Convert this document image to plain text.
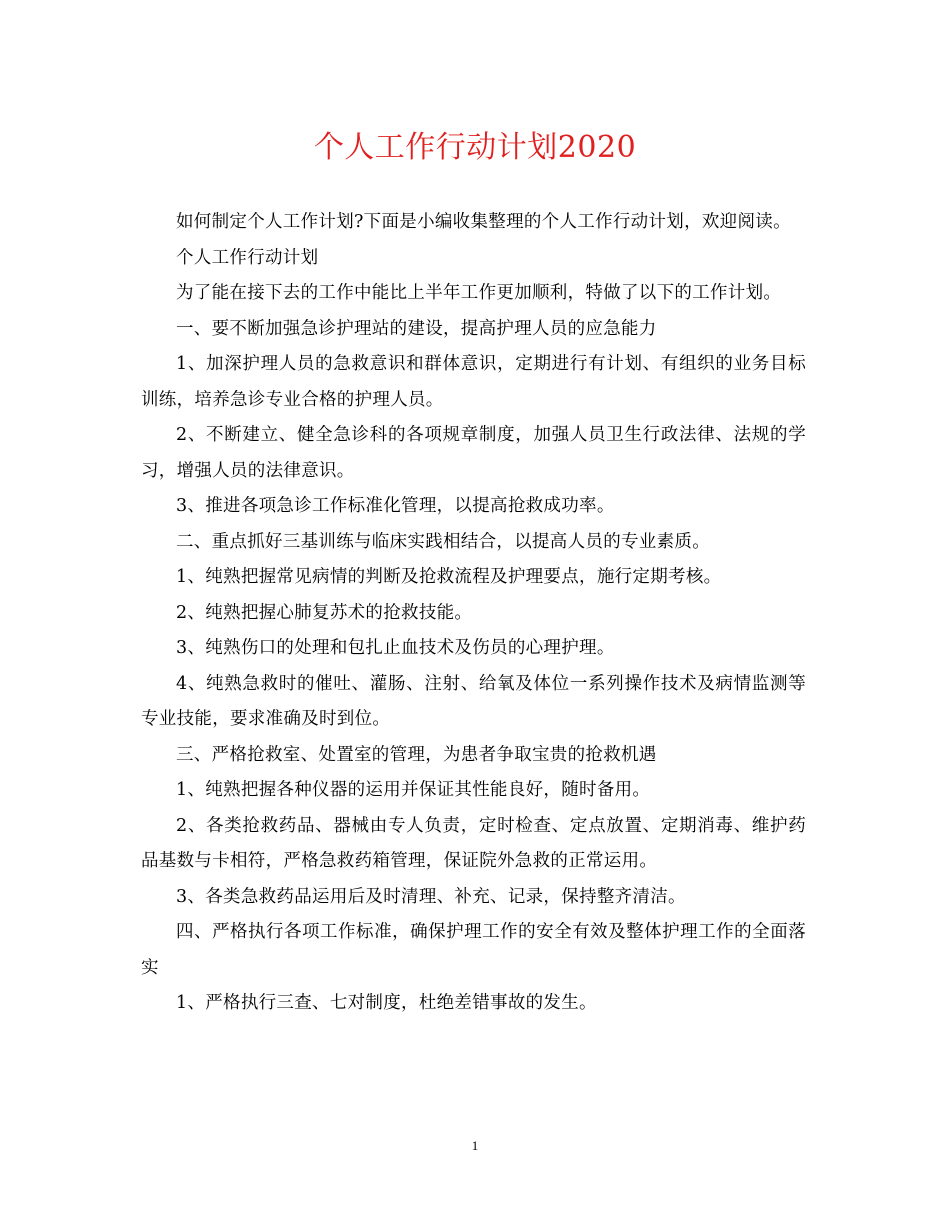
个人工作行动计划2020

如何制定个人工作计划?下面是小编收集整理的个人工作行动计划，欢迎阅读。

个人工作行动计划

为了能在接下去的工作中能比上半年工作更加顺利，特做了以下的工作计划。

一、要不断加强急诊护理站的建设，提高护理人员的应急能力

1、加深护理人员的急救意识和群体意识，定期进行有计划、有组织的业务目标训练，培养急诊专业合格的护理人员。

2、不断建立、健全急诊科的各项规章制度，加强人员卫生行政法律、法规的学习，增强人员的法律意识。

3、推进各项急诊工作标准化管理，以提高抢救成功率。

二、重点抓好三基训练与临床实践相结合，以提高人员的专业素质。

1、纯熟把握常见病情的判断及抢救流程及护理要点，施行定期考核。

2、纯熟把握心肺复苏术的抢救技能。

3、纯熟伤口的处理和包扎止血技术及伤员的心理护理。

4、纯熟急救时的催吐、灌肠、注射、给氧及体位一系列操作技术及病情监测等专业技能，要求准确及时到位。

三、严格抢救室、处置室的管理，为患者争取宝贵的抢救机遇

1、纯熟把握各种仪器的运用并保证其性能良好，随时备用。

2、各类抢救药品、器械由专人负责，定时检查、定点放置、定期消毒、维护药品基数与卡相符，严格急救药箱管理，保证院外急救的正常运用。

3、各类急救药品运用后及时清理、补充、记录，保持整齐清洁。

四、严格执行各项工作标准，确保护理工作的安全有效及整体护理工作的全面落实

1、严格执行三查、七对制度，杜绝差错事故的发生。

1
